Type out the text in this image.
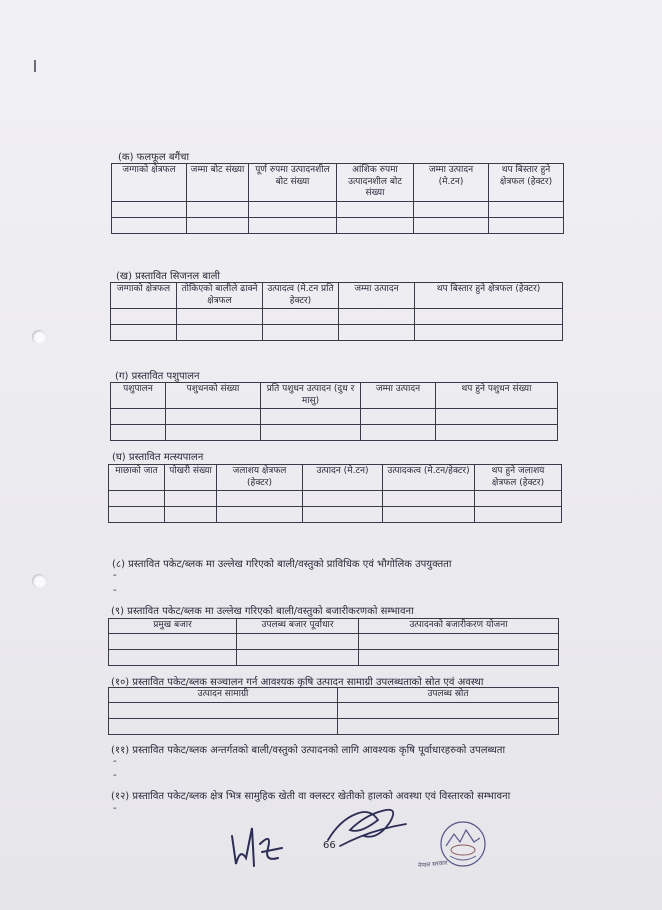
(क) फलफूल बगैंचा
जग्गाको क्षेत्रफल	जम्मा बोट संख्या	पूर्ण रुपमा उत्पादनशील बोट संख्या	आंशिक रुपमा उत्पादनशील बोट संख्या	जम्मा उत्पादन (मे.टन)	थप बिस्तार हुने क्षेत्रफल (हेक्टर)

(ख) प्रस्तावित सिजनल बाली
जग्गाको क्षेत्रफल	तोकिएको बालीले ढाक्ने क्षेत्रफल	उत्पादत्व (मे.टन प्रति हेक्टर)	जम्मा उत्पादन	थप बिस्तार हुने क्षेत्रफल (हेक्टर)

(ग) प्रस्तावित पशुपालन
पशुपालन	पशुधनको संख्या	प्रति पशुधन उत्पादन (दुध र मासु)	जम्मा उत्पादन	थप हुने पशुधन संख्या

(घ) प्रस्तावित मत्स्यपालन
माछाको जात	पोखरी संख्या	जलाशय क्षेत्रफल (हेक्टर)	उत्पादन (मे.टन)	उत्पादकत्व (मे.टन/हेक्टर)	थप हुने जलाशय क्षेत्रफल (हेक्टर)

(८) प्रस्तावित पकेट/ब्लक मा उल्लेख गरिएको बाली/वस्तुको प्राविधिक एवं भौगोलिक उपयुक्तता
-
-
(९) प्रस्तावित पकेट/ब्लक मा उल्लेख गरिएको बाली/वस्तुको बजारीकरणको सम्भावना
प्रमुख बजार	उपलब्ध बजार पूर्वाधार	उत्पादनको बजारीकरण योजना

(१०) प्रस्तावित पकेट/ब्लक सञ्चालन गर्न आवश्यक कृषि उत्पादन सामाग्री उपलब्धताको स्रोत एवं अवस्था
उत्पादन सामाग्री	उपलब्ध स्रोत

(११) प्रस्तावित पकेट/ब्लक अन्तर्गतको बाली/वस्तुको उत्पादनको लागि आवश्यक कृषि पूर्वाधारहरुको उपलब्धता
-
-
(१२) प्रस्तावित पकेट/ब्लक क्षेत्र भित्र सामुहिक खेती वा क्लस्टर खेतीको हालको अवस्था एवं विस्तारको सम्भावना
-
66
नेपाल सरकार
